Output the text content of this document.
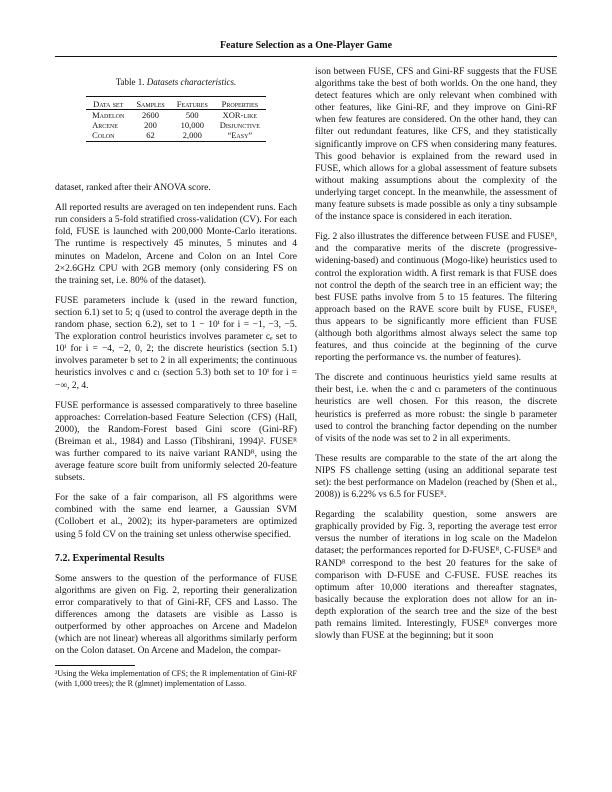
Feature Selection as a One-Player Game
Table 1. Datasets characteristics.
Data set	Samples	Features	Properties
Madelon	2600	500	XOR-like
Arcene	200	10,000	Disjunctive
Colon	62	2,000	“Easy”

dataset, ranked after their ANOVA score.

All reported results are averaged on ten independent runs. Each run considers a 5-fold stratified cross-validation (CV). For each fold, FUSE is launched with 200,000 Monte-Carlo iterations. The runtime is respectively 45 minutes, 5 minutes and 4 minutes on Madelon, Arcene and Colon on an Intel Core 2×2.6GHz CPU with 2GB memory (only considering FS on the training set, i.e. 80% of the dataset).

FUSE parameters include k (used in the reward function, section 6.1) set to 5; q (used to control the average depth in the random phase, section 6.2), set to 1 − 10ⁱ for i = −1, −3, −5. The exploration control heuristics involves parameter cₑ set to 10ⁱ for i = −4, −2, 0, 2; the discrete heuristics (section 5.1) involves parameter b set to 2 in all experiments; the continuous heuristics involves c and cₗ (section 5.3) both set to 10ⁱ for i = −∞, 2, 4.

FUSE performance is assessed comparatively to three baseline approaches: Correlation-based Feature Selection (CFS) (Hall, 2000), the Random-Forest based Gini score (Gini-RF) (Breiman et al., 1984) and Lasso (Tibshirani, 1994)². FUSEᴿ was further compared to its naive variant RANDᴿ, using the average feature score built from uniformly selected 20-feature subsets.

For the sake of a fair comparison, all FS algorithms were combined with the same end learner, a Gaussian SVM (Collobert et al., 2002); its hyper-parameters are optimized using 5 fold CV on the training set unless otherwise specified.

7.2. Experimental Results

Some answers to the question of the performance of FUSE algorithms are given on Fig. 2, reporting their generalization error comparatively to that of Gini-RF, CFS and Lasso. The differences among the datasets are visible as Lasso is outperformed by other approaches on Arcene and Madelon (which are not linear) whereas all algorithms similarly perform on the Colon dataset. On Arcene and Madelon, the compar-

²Using the Weka implementation of CFS; the R implementation of Gini-RF (with 1,000 trees); the R (glmnet) implementation of Lasso.

ison between FUSE, CFS and Gini-RF suggests that the FUSE algorithms take the best of both worlds. On the one hand, they detect features which are only relevant when combined with other features, like Gini-RF, and they improve on Gini-RF when few features are considered. On the other hand, they can filter out redundant features, like CFS, and they statistically significantly improve on CFS when considering many features. This good behavior is explained from the reward used in FUSE, which allows for a global assessment of feature subsets without making assumptions about the complexity of the underlying target concept. In the meanwhile, the assessment of many feature subsets is made possible as only a tiny subsample of the instance space is considered in each iteration.

Fig. 2 also illustrates the difference between FUSE and FUSEᴿ, and the comparative merits of the discrete (progressive-widening-based) and continuous (Mogo-like) heuristics used to control the exploration width. A first remark is that FUSE does not control the depth of the search tree in an efficient way; the best FUSE paths involve from 5 to 15 features. The filtering approach based on the RAVE score built by FUSE, FUSEᴿ, thus appears to be significantly more efficient than FUSE (although both algorithms almost always select the same top features, and thus coincide at the beginning of the curve reporting the performance vs. the number of features).

The discrete and continuous heuristics yield same results at their best, i.e. when the c and cₗ parameters of the continuous heuristics are well chosen. For this reason, the discrete heuristics is preferred as more robust: the single b parameter used to control the branching factor depending on the number of visits of the node was set to 2 in all experiments.

These results are comparable to the state of the art along the NIPS FS challenge setting (using an additional separate test set): the best performance on Madelon (reached by (Shen et al., 2008)) is 6.22% vs 6.5 for FUSEᴿ.

Regarding the scalability question, some answers are graphically provided by Fig. 3, reporting the average test error versus the number of iterations in log scale on the Madelon dataset; the performances reported for D-FUSEᴿ, C-FUSEᴿ and RANDᴿ correspond to the best 20 features for the sake of comparison with D-FUSE and C-FUSE. FUSE reaches its optimum after 10,000 iterations and thereafter stagnates, basically because the exploration does not allow for an in-depth exploration of the search tree and the size of the best path remains limited. Interestingly, FUSEᴿ converges more slowly than FUSE at the beginning; but it soon
